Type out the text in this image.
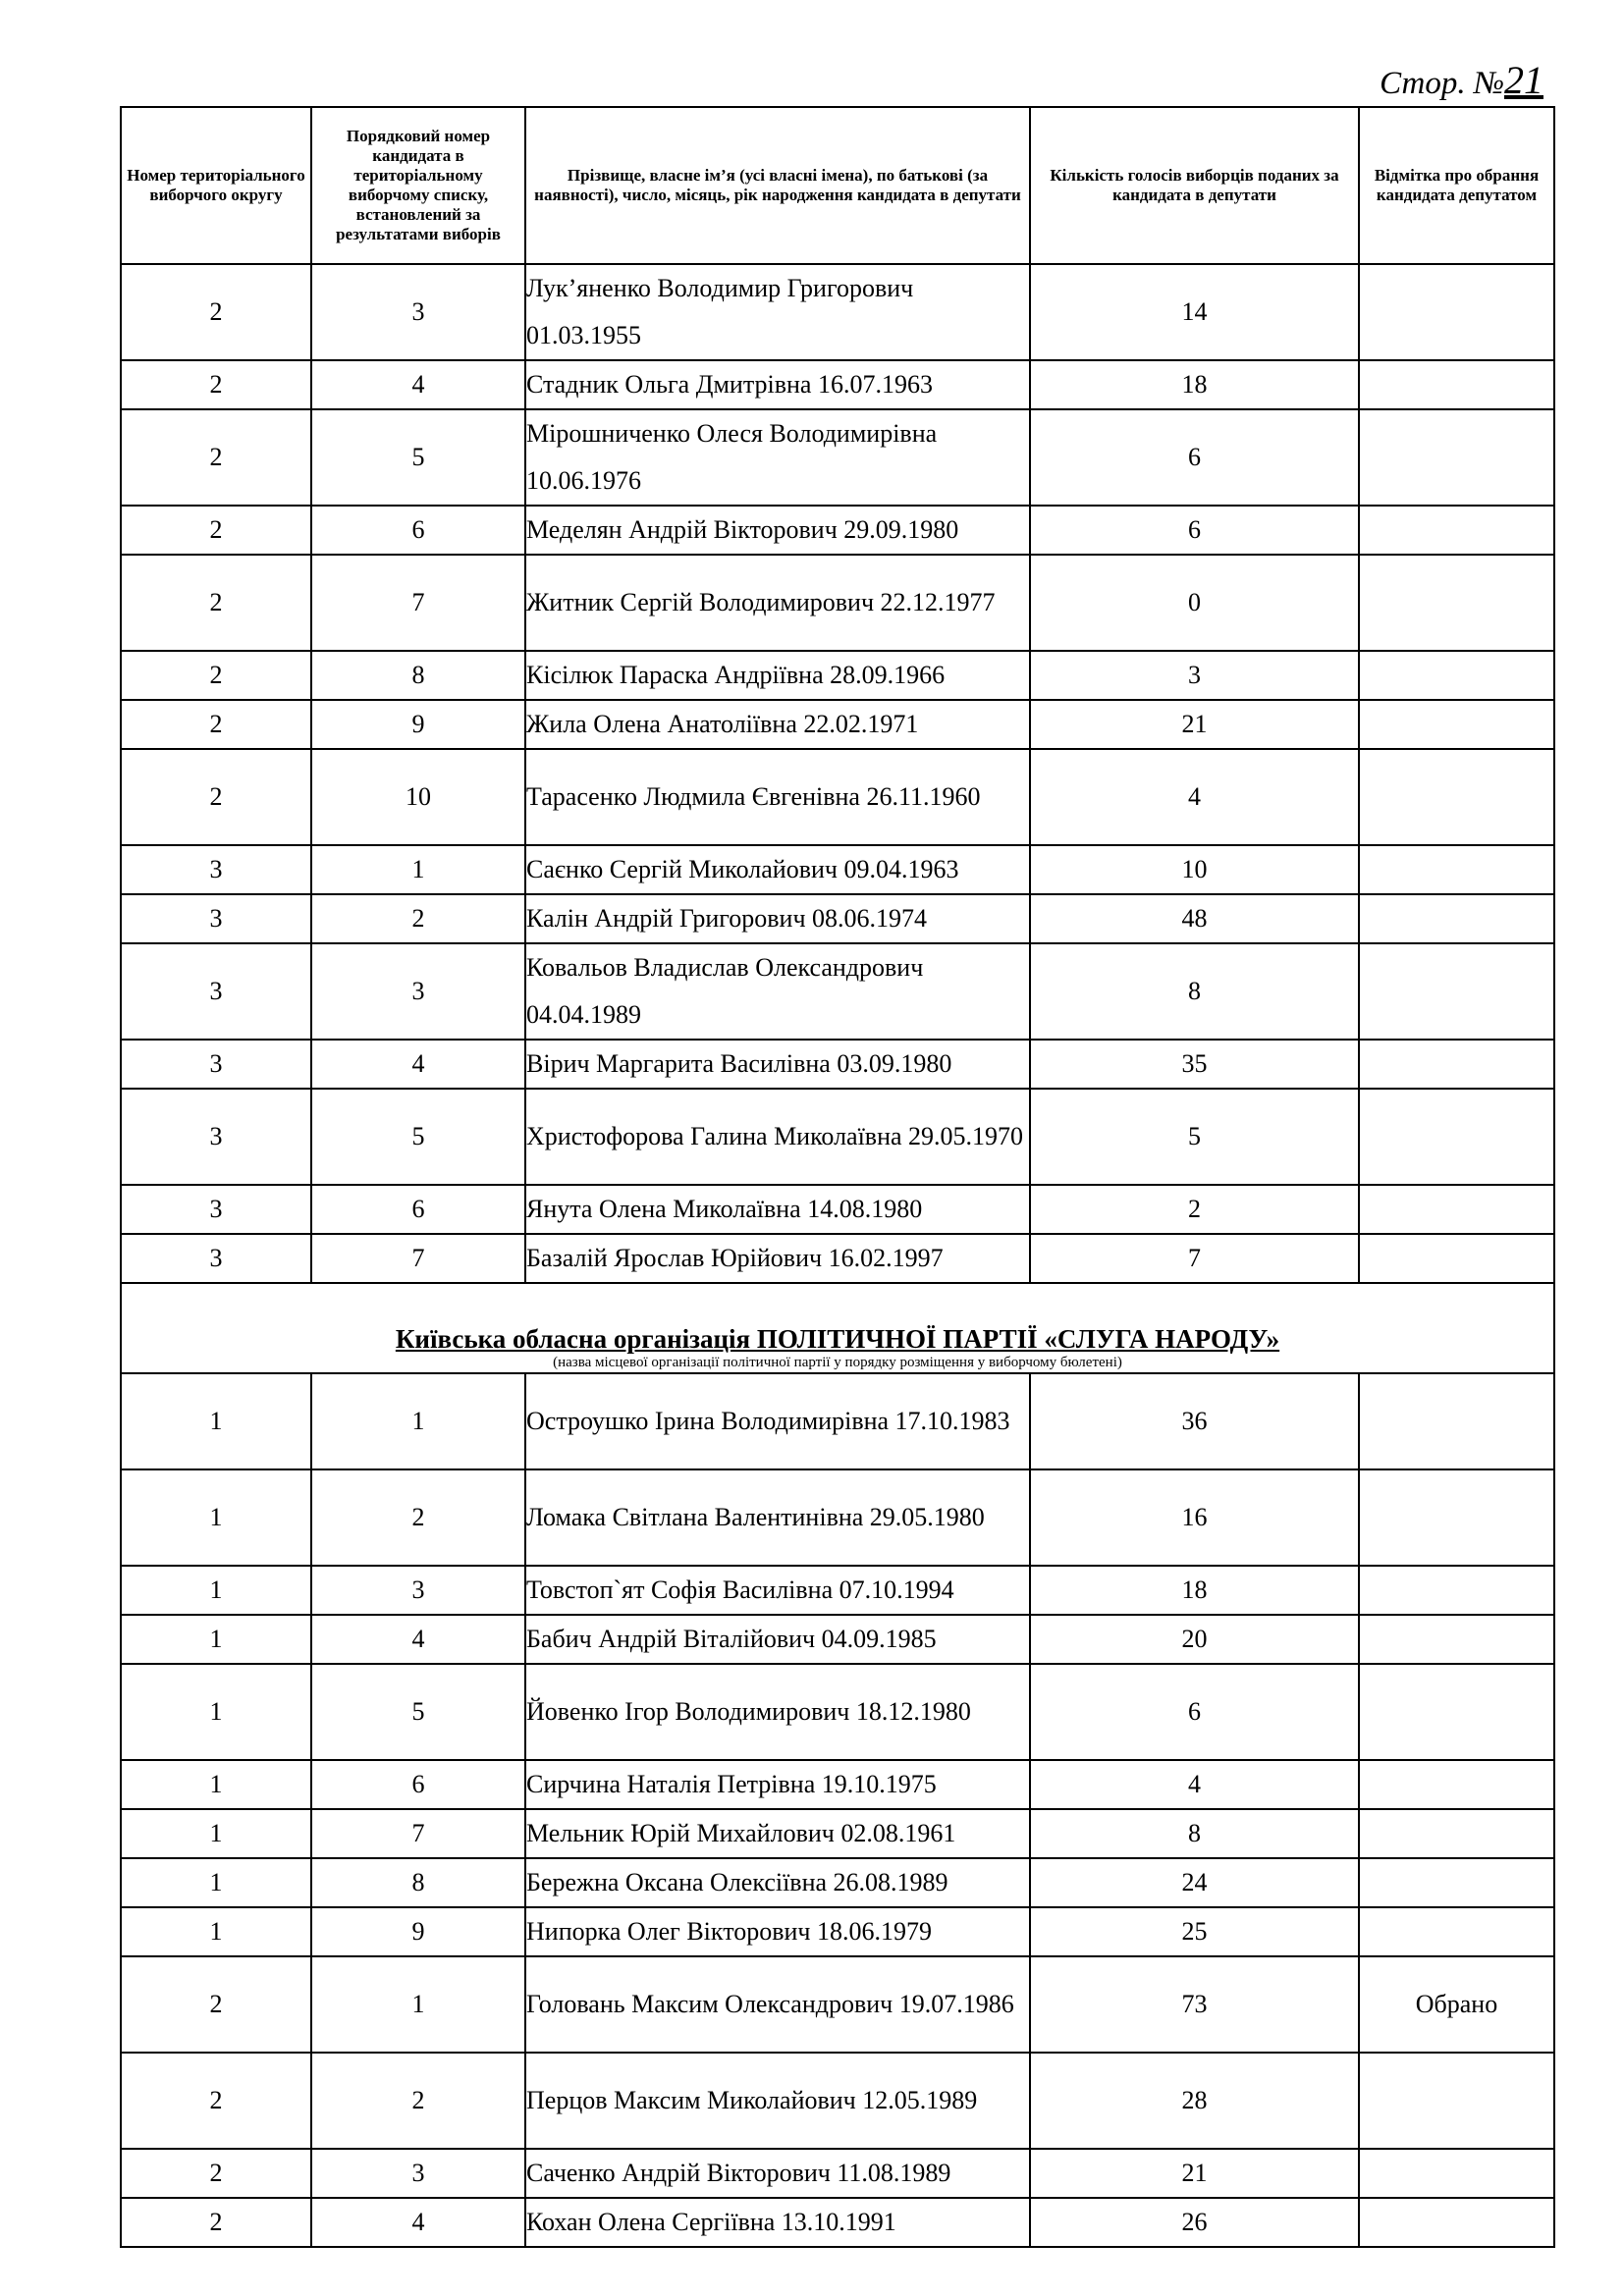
Стор. №21
Номер територіального виборчого округу	Порядковий номер кандидата в територіальному виборчому списку, встановлений за результатами виборів	Прізвище, власне ім’я (усі власні імена), по батькові (за наявності), число, місяць, рік народження кандидата в депутати	Кількість голосів виборців поданих за кандидата в депутати	Відмітка про обрання кандидата депутатом
2	3	Лук’яненко Володимир Григорович 01.03.1955	14	
2	4	Стадник Ольга Дмитрівна 16.07.1963	18	
2	5	Мірошниченко Олеся Володимирівна 10.06.1976	6	
2	6	Меделян Андрій Вікторович 29.09.1980	6	
2	7	Житник Сергій Володимирович 22.12.1977	0	
2	8	Кісілюк Параска Андріївна 28.09.1966	3	
2	9	Жила Олена Анатоліївна 22.02.1971	21	
2	10	Тарасенко Людмила Євгенівна 26.11.1960	4	
3	1	Саєнко Сергій Миколайович 09.04.1963	10	
3	2	Калін Андрій Григорович 08.06.1974	48	
3	3	Ковальов Владислав Олександрович 04.04.1989	8	
3	4	Вірич Маргарита Василівна 03.09.1980	35	
3	5	Христофорова Галина Миколаївна 29.05.1970	5	
3	6	Янута Олена Миколаївна 14.08.1980	2	
3	7	Базалій Ярослав Юрійович 16.02.1997	7	

Київська обласна організація ПОЛІТИЧНОЇ ПАРТІЇ «СЛУГА НАРОДУ»
(назва місцевої організації політичної партії у порядку розміщення у виборчому бюлетені)				

1	1	Остроушко Ірина Володимирівна 17.10.1983	36	
1	2	Ломака Світлана Валентинівна 29.05.1980	16	
1	3	Товстоп`ят Софія Василівна 07.10.1994	18	
1	4	Бабич Андрій Віталійович 04.09.1985	20	
1	5	Йовенко Ігор Володимирович 18.12.1980	6	
1	6	Сирчина Наталія Петрівна 19.10.1975	4	
1	7	Мельник Юрій Михайлович 02.08.1961	8	
1	8	Бережна Оксана Олексіївна 26.08.1989	24	
1	9	Нипорка Олег Вікторович 18.06.1979	25	
2	1	Головань Максим Олександрович 19.07.1986	73	Обрано
2	2	Перцов Максим Миколайович 12.05.1989	28	
2	3	Саченко Андрій Вікторович 11.08.1989	21	
2	4	Кохан Олена Сергіївна 13.10.1991	26	
